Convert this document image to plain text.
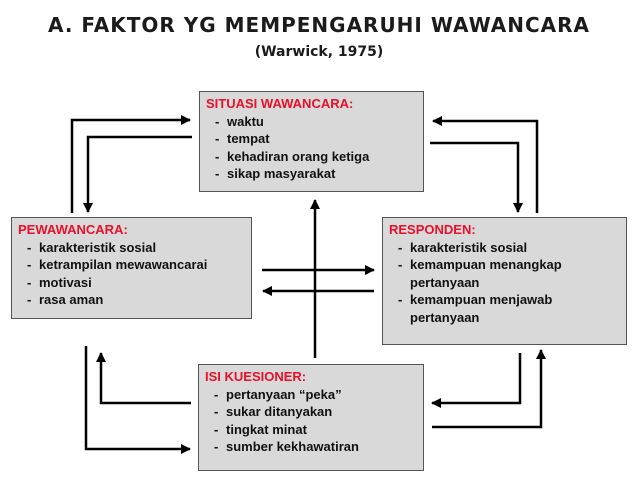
A. FAKTOR YG MEMPENGARUHI WAWANCARA
(Warwick, 1975)
SITUASI WAWANCARA:
- waktu
- tempat
- kehadiran orang ketiga
- sikap masyarakat
PEWAWANCARA:
- karakteristik sosial
- ketrampilan mewawancarai
- motivasi
- rasa aman
RESPONDEN:
- karakteristik sosial
- kemampuan menangkap pertanyaan
- kemampuan menjawab pertanyaan
ISI KUESIONER:
- pertanyaan “peka”
- sukar ditanyakan
- tingkat minat
- sumber kekhawatiran
